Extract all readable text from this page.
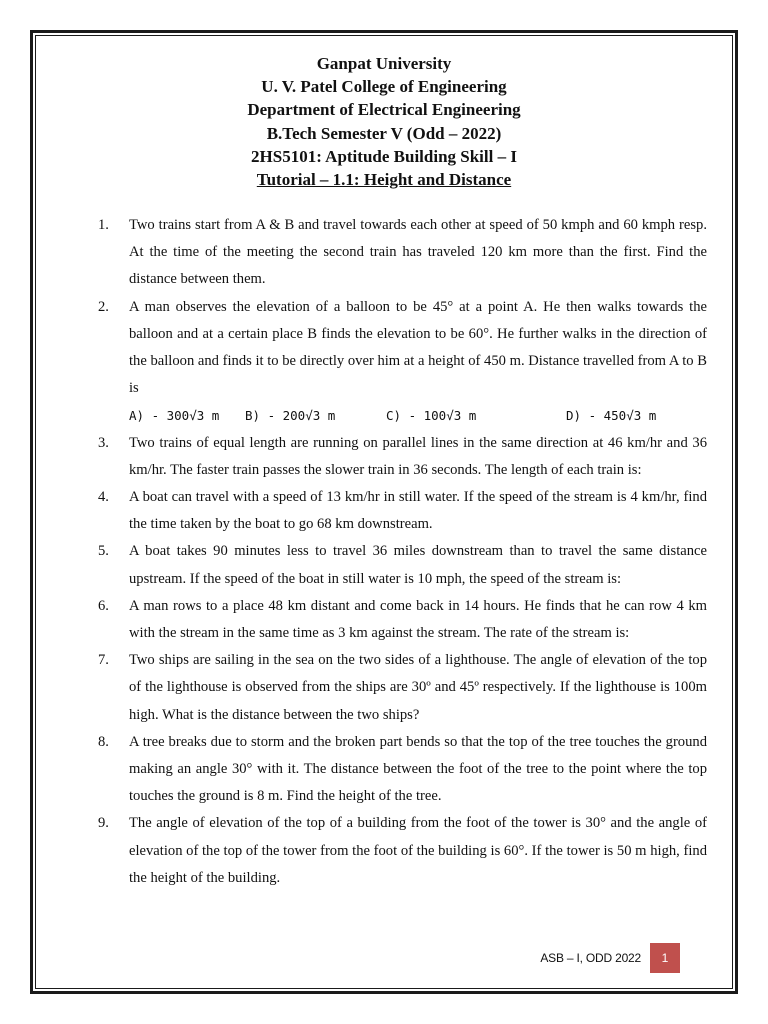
Ganpat University
U. V. Patel College of Engineering
Department of Electrical Engineering
B.Tech Semester V (Odd – 2022)
2HS5101: Aptitude Building Skill – I
Tutorial – 1.1: Height and Distance
1. Two trains start from A & B and travel towards each other at speed of 50 kmph and 60 kmph resp. At the time of the meeting the second train has traveled 120 km more than the first. Find the distance between them.
2. A man observes the elevation of a balloon to be 45° at a point A. He then walks towards the balloon and at a certain place B finds the elevation to be 60°. He further walks in the direction of the balloon and finds it to be directly over him at a height of 450 m. Distance travelled from A to B is
A) - 300√3 m	B) - 200√3 m	C) - 100√3 m	D) - 450√3 m
3. Two trains of equal length are running on parallel lines in the same direction at 46 km/hr and 36 km/hr. The faster train passes the slower train in 36 seconds. The length of each train is:
4. A boat can travel with a speed of 13 km/hr in still water. If the speed of the stream is 4 km/hr, find the time taken by the boat to go 68 km downstream.
5. A boat takes 90 minutes less to travel 36 miles downstream than to travel the same distance upstream. If the speed of the boat in still water is 10 mph, the speed of the stream is:
6. A man rows to a place 48 km distant and come back in 14 hours. He finds that he can row 4 km with the stream in the same time as 3 km against the stream. The rate of the stream is:
7. Two ships are sailing in the sea on the two sides of a lighthouse. The angle of elevation of the top of the lighthouse is observed from the ships are 30º and 45º respectively. If the lighthouse is 100m high. What is the distance between the two ships?
8. A tree breaks due to storm and the broken part bends so that the top of the tree touches the ground making an angle 30° with it. The distance between the foot of the tree to the point where the top touches the ground is 8 m. Find the height of the tree.
9. The angle of elevation of the top of a building from the foot of the tower is 30° and the angle of elevation of the top of the tower from the foot of the building is 60°. If the tower is 50 m high, find the height of the building.
ASB – I, ODD 2022	1
